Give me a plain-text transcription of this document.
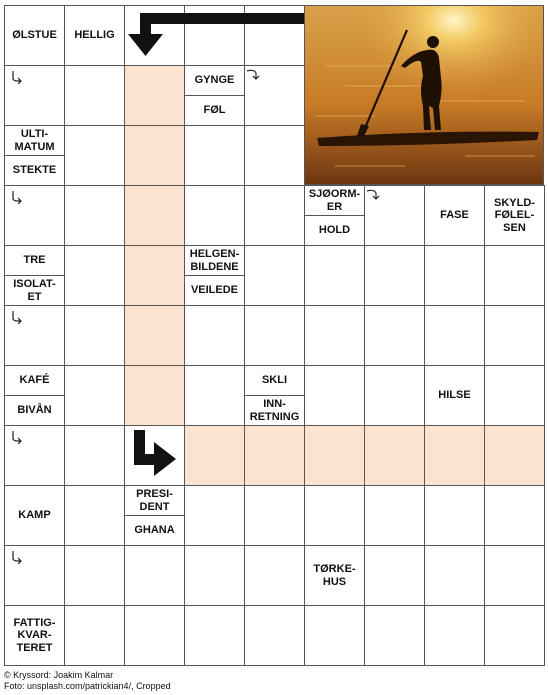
ØLSTUE	HELLIG
GYNGE
FØL
ULTI-
MATUM
STEKTE
SJØORM-
ER
HOLD
FASE
SKYLD-
FØLEL-
SEN
TRE
ISOLAT-
ET
HELGEN-
BILDENE
VEILEDE
KAFÉ
BIVÅN
SKLI
INN-
RETNING
HILSE
KAMP
PRESI-
DENT
GHANA
TØRKE-
HUS
FATTIG-
KVAR-
TERET
© Kryssord: Joakim Kalmar
Foto: unsplash.com/patrickian4/, Cropped
